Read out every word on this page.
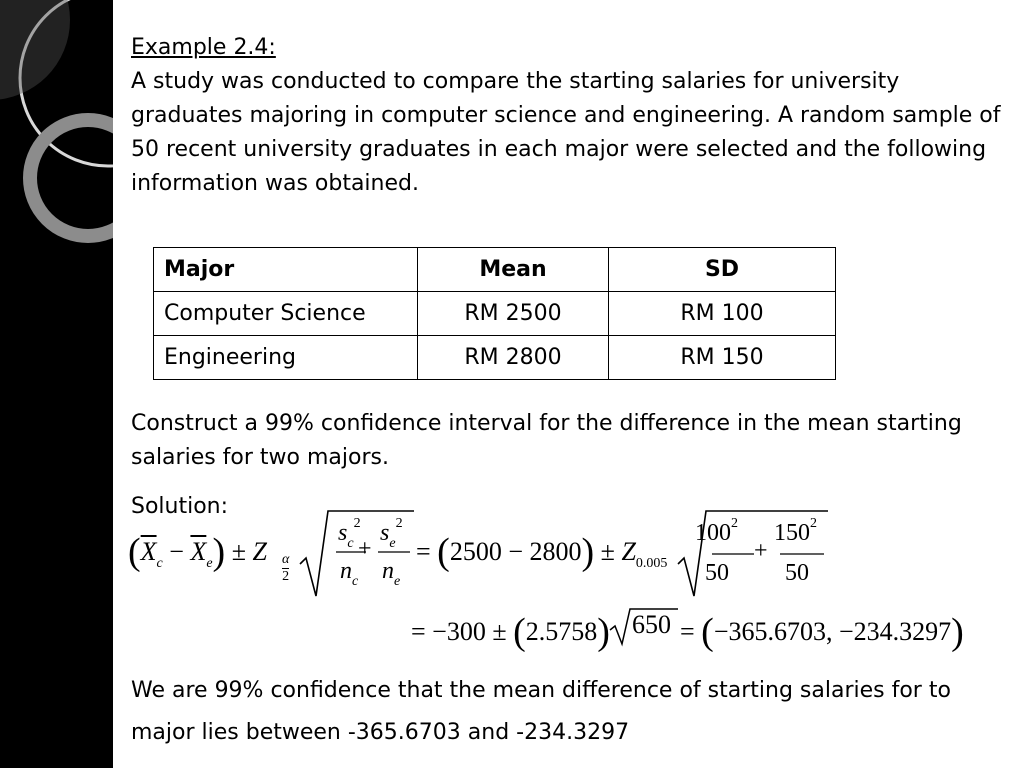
Example 2.4:

A study was conducted to compare the starting salaries for university
graduates majoring in computer science and engineering. A random sample of
50 recent university graduates in each major were selected and the following
information was obtained.

Major	Mean	SD
Computer Science	RM 2500	RM 100
Engineering	RM 2800	RM 150

Construct a 99% confidence interval for the difference in the mean starting
salaries for two majors.

Solution:

$(\overline{X}_c - \overline{X}_e) \pm Z$ α
2
$s_c^2$
$n_c$
+
$s_e^2$
$n_e$
= $(2500 - 2800) \pm Z_{0.005}$
$100^2$
50
+
$150^2$
50
= −300 ± (2.5758) 650 = (−365.6703, −234.3297)

We are 99% confidence that the mean difference of starting salaries for to
major lies between -365.6703 and -234.3297
